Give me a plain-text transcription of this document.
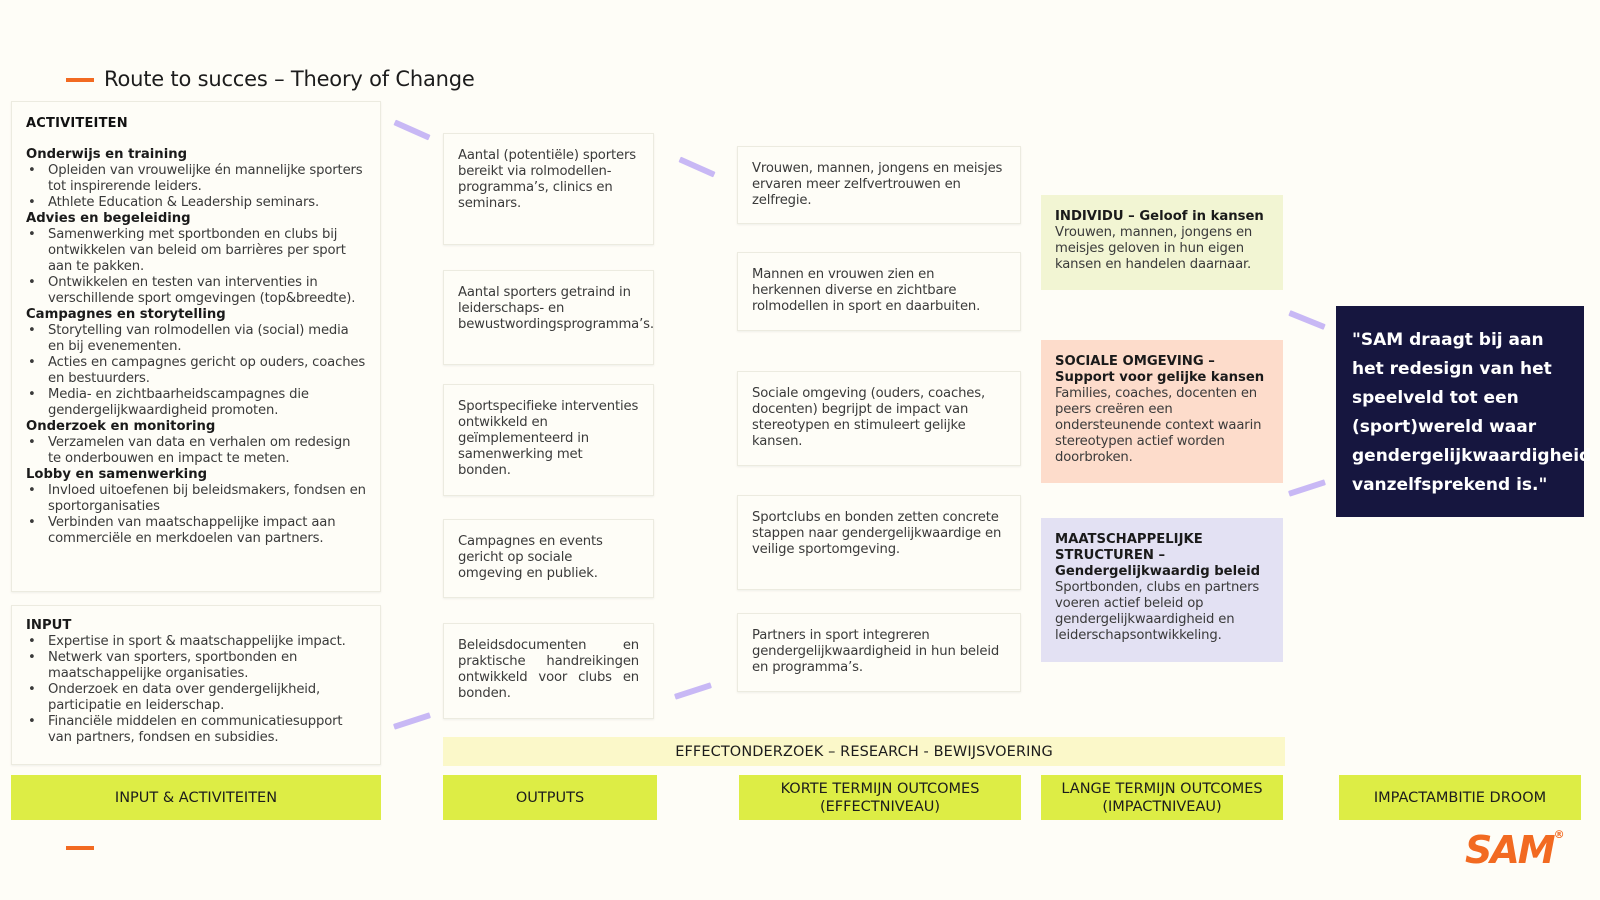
Route to succes – Theory of Change
ACTIVITEITEN
Onderwijs en training
• Opleiden van vrouwelijke én mannelijke sporters tot inspirerende leiders.
• Athlete Education & Leadership seminars.
Advies en begeleiding
• Samenwerking met sportbonden en clubs bij ontwikkelen van beleid om barrières per sport aan te pakken.
• Ontwikkelen en testen van interventies in verschillende sport omgevingen (top&breedte).
Campagnes en storytelling
• Storytelling van rolmodellen via (social) media en bij evenementen.
• Acties en campagnes gericht op ouders, coaches en bestuurders.
• Media- en zichtbaarheidscampagnes die gendergelijkwaardigheid promoten.
Onderzoek en monitoring
• Verzamelen van data en verhalen om redesign te onderbouwen en impact te meten.
Lobby en samenwerking
• Invloed uitoefenen bij beleidsmakers, fondsen en sportorganisaties
• Verbinden van maatschappelijke impact aan commerciële en merkdoelen van partners.
INPUT
• Expertise in sport & maatschappelijke impact.
• Netwerk van sporters, sportbonden en maatschappelijke organisaties.
• Onderzoek en data over gendergelijkheid, participatie en leiderschap.
• Financiële middelen en communicatiesupport van partners, fondsen en subsidies.
Aantal (potentiële) sporters bereikt via rolmodellen-programma’s, clinics en seminars.
Aantal sporters getraind in leiderschaps- en bewustwordingsprogramma’s.
Sportspecifieke interventies ontwikkeld en geïmplementeerd in samenwerking met bonden.
Campagnes en events gericht op sociale omgeving en publiek.
Beleidsdocumenten en praktische handreikingen ontwikkeld voor clubs en bonden.
Vrouwen, mannen, jongens en meisjes ervaren meer zelfvertrouwen en zelfregie.
Mannen en vrouwen zien en herkennen diverse en zichtbare rolmodellen in sport en daarbuiten.
Sociale omgeving (ouders, coaches, docenten) begrijpt de impact van stereotypen en stimuleert gelijke kansen.
Sportclubs en bonden zetten concrete stappen naar gendergelijkwaardige en veilige sportomgeving.
Partners in sport integreren gendergelijkwaardigheid in hun beleid en programma’s.
INDIVIDU – Geloof in kansen
Vrouwen, mannen, jongens en meisjes geloven in hun eigen kansen en handelen daarnaar.
SOCIALE OMGEVING – Support voor gelijke kansen
Families, coaches, docenten en peers creëren een ondersteunende context waarin stereotypen actief worden doorbroken.
MAATSCHAPPELIJKE STRUCTUREN – Gendergelijkwaardig beleid
Sportbonden, clubs en partners voeren actief beleid op gendergelijkwaardigheid en leiderschapsontwikkeling.
"SAM draagt bij aan het redesign van het speelveld tot een (sport)wereld waar gendergelijkwaardigheid vanzelfsprekend is."
EFFECTONDERZOEK – RESEARCH - BEWIJSVOERING
INPUT & ACTIVITEITEN	OUTPUTS
KORTE TERMIJN OUTCOMES (EFFECTNIVEAU)
LANGE TERMIJN OUTCOMES (IMPACTNIVEAU)
IMPACTAMBITIE DROOM
SAM®
